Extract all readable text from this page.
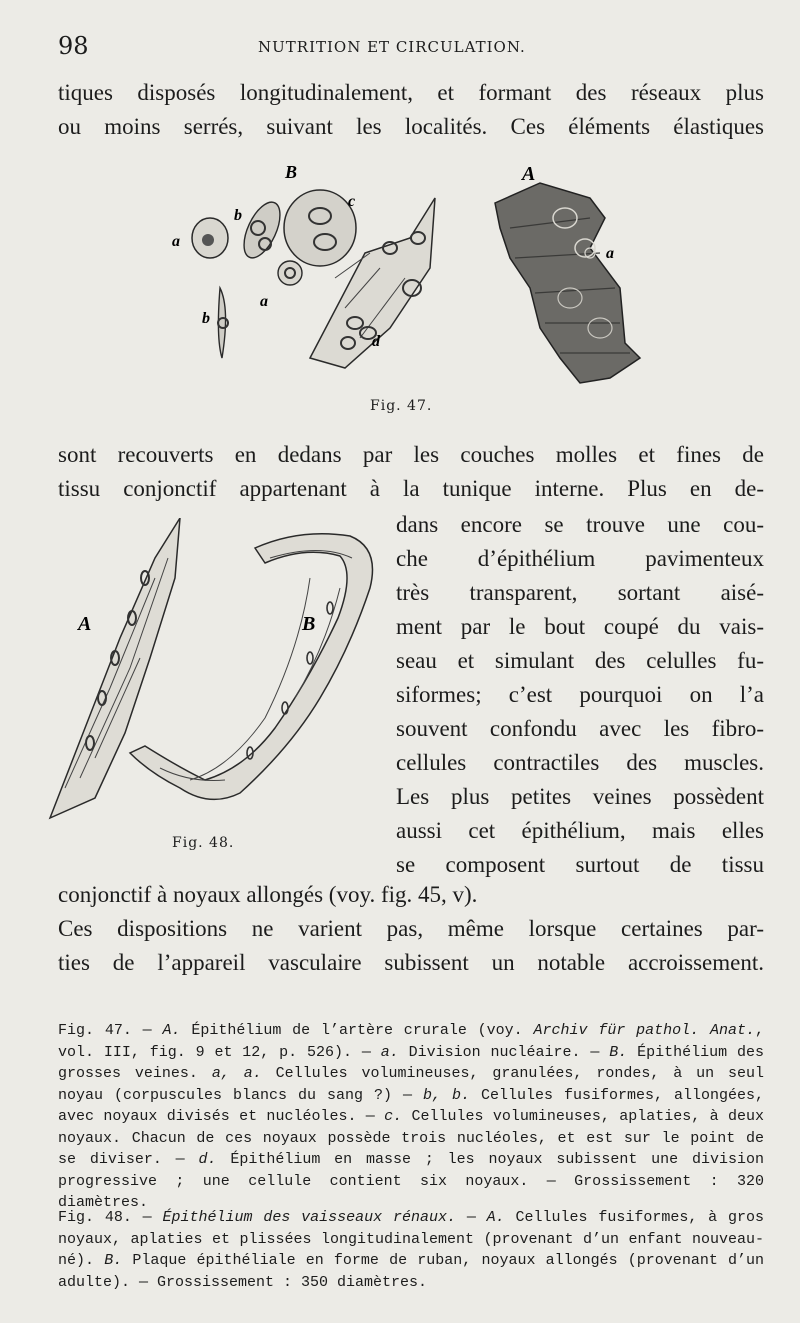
98	NUTRITION ET CIRCULATION.
tiques disposés longitudinalement, et formant des réseaux plus
ou moins serrés, suivant les localités. Ces éléments élastiques
B	A
a
b
c
a
b
d
a
Fig. 47.
sont recouverts en dedans par les couches molles et fines de
tissu conjonctif appartenant à la tunique interne. Plus en de-
A	B
Fig. 48.
dans encore se trouve une cou-
che d’épithélium pavimenteux
très transparent, sortant aisé-
ment par le bout coupé du vais-
seau et simulant des celulles fu-
siformes; c’est pourquoi on l’a
souvent confondu avec les fibro-
cellules contractiles des muscles.
Les plus petites veines possèdent
aussi cet épithélium, mais elles
se composent surtout de tissu
conjonctif à noyaux allongés (voy. fig. 45, v).
Ces dispositions ne varient pas, même lorsque certaines par-
ties de l’appareil vasculaire subissent un notable accroissement.
Fig. 47. — A. Épithélium de l’artère crurale (voy. Archiv für pathol. Anat., vol. III, fig. 9 et 12, p. 526). — a. Division nucléaire. — B. Épithélium des grosses veines. a, a. Cellules volumineuses, granulées, rondes, à un seul noyau (corpuscules blancs du sang ?) — b, b. Cellules fusiformes, allongées, avec noyaux divisés et nucléoles. — c. Cellules volumineuses, aplaties, à deux noyaux. Chacun de ces noyaux possède trois nucléoles, et est sur le point de se diviser. — d. Épithélium en masse ; les noyaux subissent une division progressive ; une cellule contient six noyaux. — Grossissement : 320 diamètres.
Fig. 48. — Épithélium des vaisseaux rénaux. — A. Cellules fusiformes, à gros noyaux, aplaties et plissées longitudinalement (provenant d’un enfant nouveau-né). B. Plaque épithéliale en forme de ruban, noyaux allongés (provenant d’un adulte). — Grossissement : 350 diamètres.
